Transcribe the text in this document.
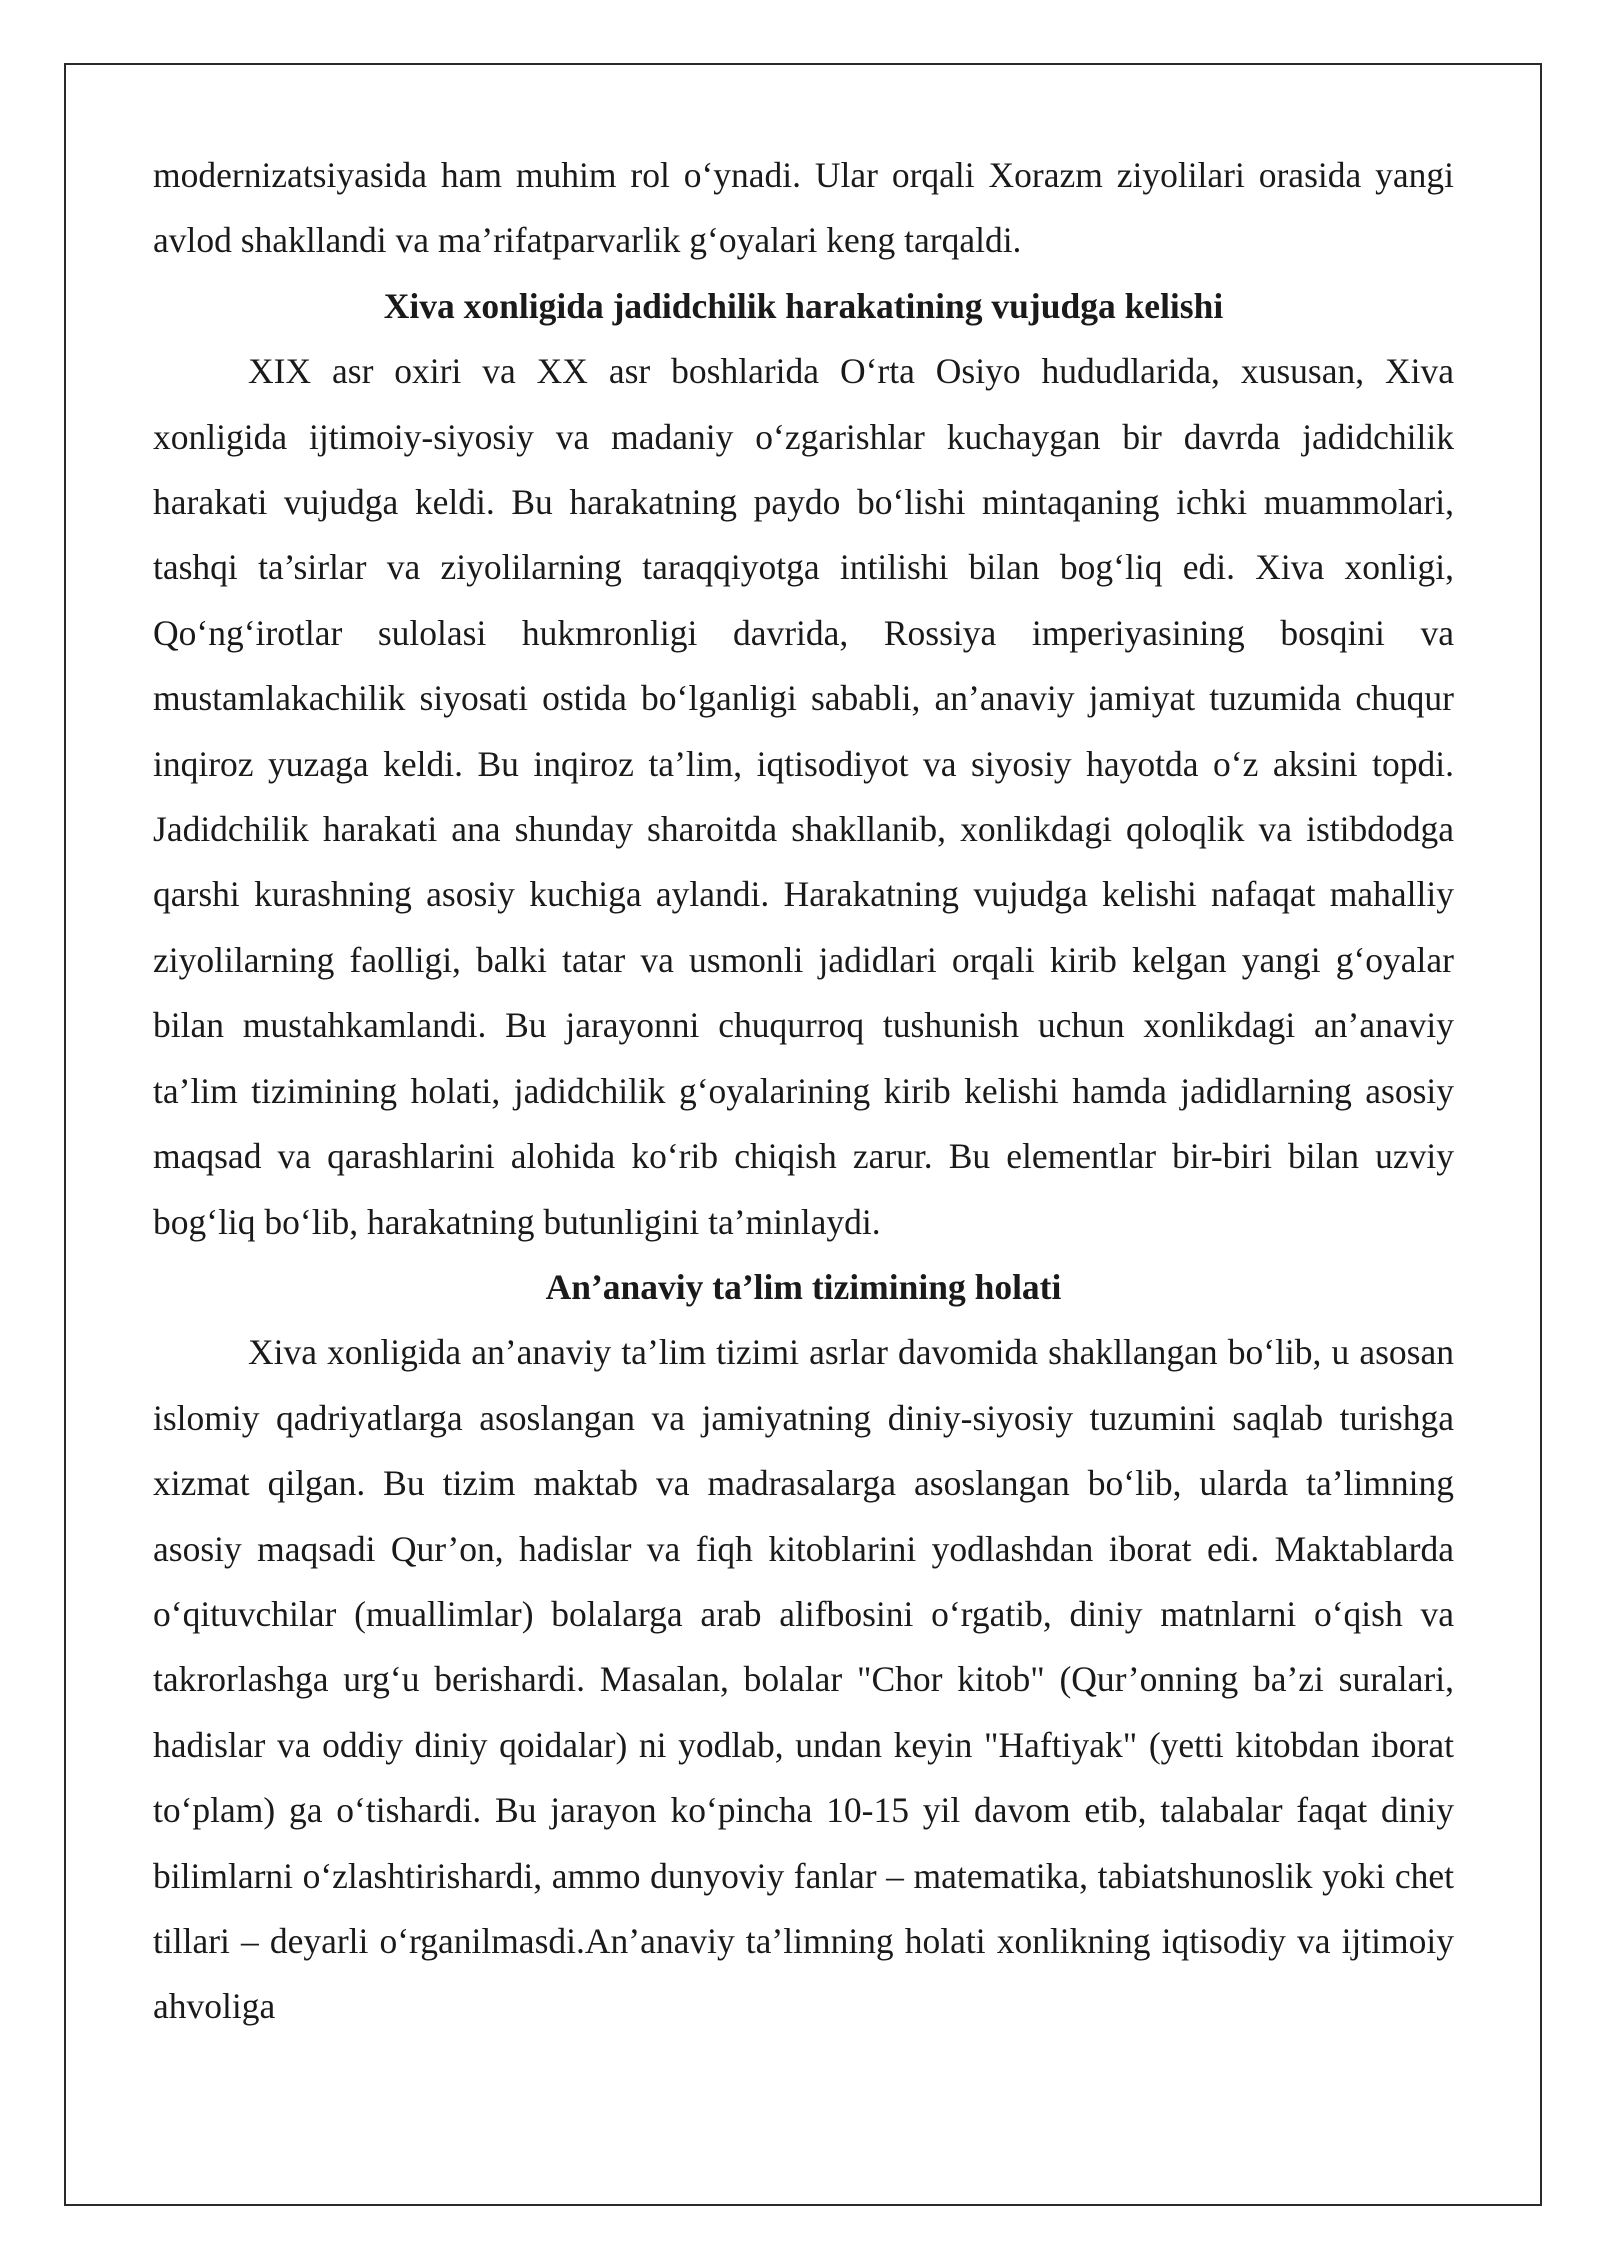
modernizatsiyasida ham muhim rol o‘ynadi. Ular orqali Xorazm ziyolilari orasida yangi avlod shakllandi va ma’rifatparvarlik g‘oyalari keng tarqaldi.

Xiva xonligida jadidchilik harakatining vujudga kelishi

XIX asr oxiri va XX asr boshlarida O‘rta Osiyo hududlarida, xususan, Xiva xonligida ijtimoiy-siyosiy va madaniy o‘zgarishlar kuchaygan bir davrda jadidchilik harakati vujudga keldi. Bu harakatning paydo bo‘lishi mintaqaning ichki muammolari, tashqi ta’sirlar va ziyolilarning taraqqiyotga intilishi bilan bog‘liq edi. Xiva xonligi, Qo‘ng‘irotlar sulolasi hukmronligi davrida, Rossiya imperiyasining bosqini va mustamlakachilik siyosati ostida bo‘lganligi sababli, an’anaviy jamiyat tuzumida chuqur inqiroz yuzaga keldi. Bu inqiroz ta’lim, iqtisodiyot va siyosiy hayotda o‘z aksini topdi. Jadidchilik harakati ana shunday sharoitda shakllanib, xonlikdagi qoloqlik va istibdodga qarshi kurashning asosiy kuchiga aylandi. Harakatning vujudga kelishi nafaqat mahalliy ziyolilarning faolligi, balki tatar va usmonli jadidlari orqali kirib kelgan yangi g‘oyalar bilan mustahkamlandi. Bu jarayonni chuqurroq tushunish uchun xonlikdagi an’anaviy ta’lim tizimining holati, jadidchilik g‘oyalarining kirib kelishi hamda jadidlarning asosiy maqsad va qarashlarini alohida ko‘rib chiqish zarur. Bu elementlar bir-biri bilan uzviy bog‘liq bo‘lib, harakatning butunligini ta’minlaydi.

An’anaviy ta’lim tizimining holati

Xiva xonligida an’anaviy ta’lim tizimi asrlar davomida shakllangan bo‘lib, u asosan islomiy qadriyatlarga asoslangan va jamiyatning diniy-siyosiy tuzumini saqlab turishga xizmat qilgan. Bu tizim maktab va madrasalarga asoslangan bo‘lib, ularda ta’limning asosiy maqsadi Qur’on, hadislar va fiqh kitoblarini yodlashdan iborat edi. Maktablarda o‘qituvchilar (muallimlar) bolalarga arab alifbosini o‘rgatib, diniy matnlarni o‘qish va takrorlashga urg‘u berishardi. Masalan, bolalar "Chor kitob" (Qur’onning ba’zi suralari, hadislar va oddiy diniy qoidalar) ni yodlab, undan keyin "Haftiyak" (yetti kitobdan iborat to‘plam) ga o‘tishardi. Bu jarayon ko‘pincha 10-15 yil davom etib, talabalar faqat diniy bilimlarni o‘zlashtirishardi, ammo dunyoviy fanlar – matematika, tabiatshunoslik yoki chet tillari – deyarli o‘rganilmasdi.An’anaviy ta’limning holati xonlikning iqtisodiy va ijtimoiy ahvoliga
